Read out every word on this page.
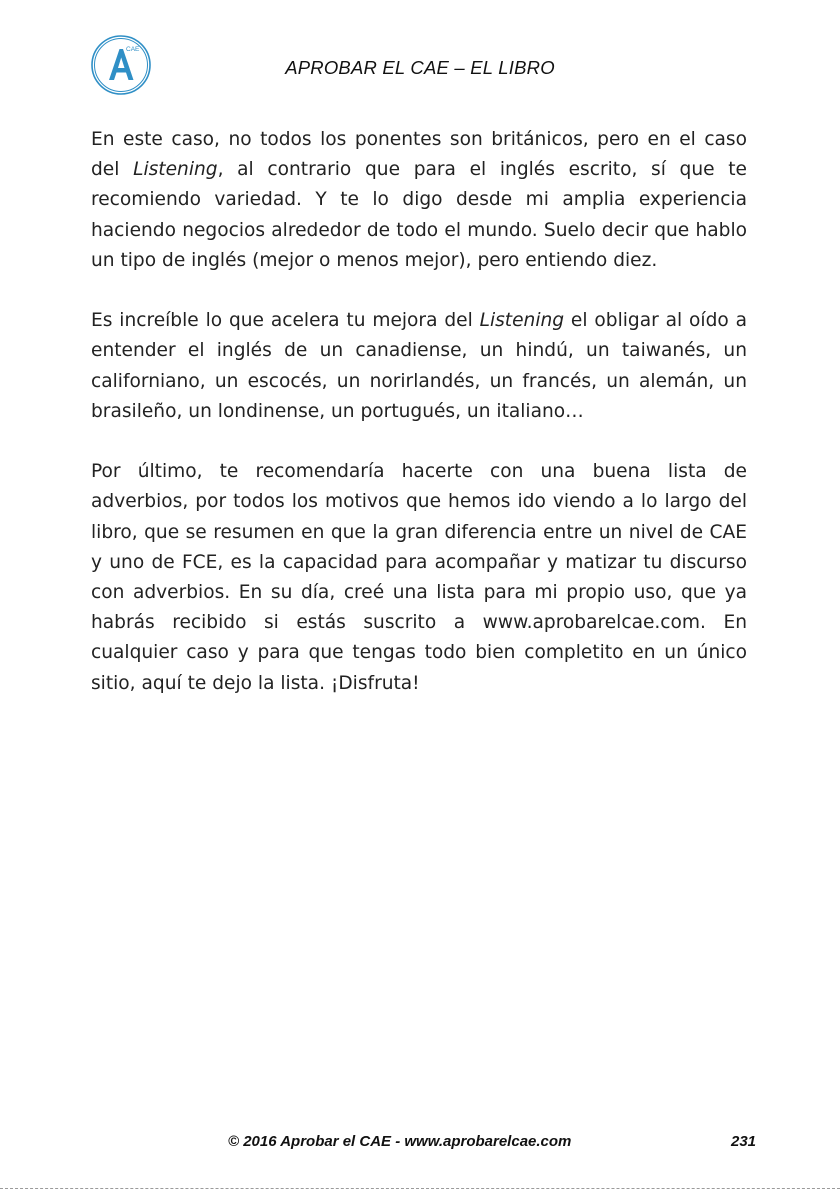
CAE
APROBAR EL CAE – EL LIBRO

En este caso, no todos los ponentes son británicos, pero en el caso del Listening, al contrario que para el inglés escrito, sí que te recomiendo variedad. Y te lo digo desde mi amplia experiencia haciendo negocios alrededor de todo el mundo. Suelo decir que hablo un tipo de inglés (mejor o menos mejor), pero entiendo diez.

Es increíble lo que acelera tu mejora del Listening el obligar al oído a entender el inglés de un canadiense, un hindú, un taiwanés, un californiano, un escocés, un norirlandés, un francés, un alemán, un brasileño, un londinense, un portugués, un italiano…

Por último, te recomendaría hacerte con una buena lista de adverbios, por todos los motivos que hemos ido viendo a lo largo del libro, que se resumen en que la gran diferencia entre un nivel de CAE y uno de FCE, es la capacidad para acompañar y matizar tu discurso con adverbios. En su día, creé una lista para mi propio uso, que ya habrás recibido si estás suscrito a www.aprobarelcae.com. En cualquier caso y para que tengas todo bien completito en un único sitio, aquí te dejo la lista. ¡Disfruta!

© 2016 Aprobar el CAE - www.aprobarelcae.com	231
